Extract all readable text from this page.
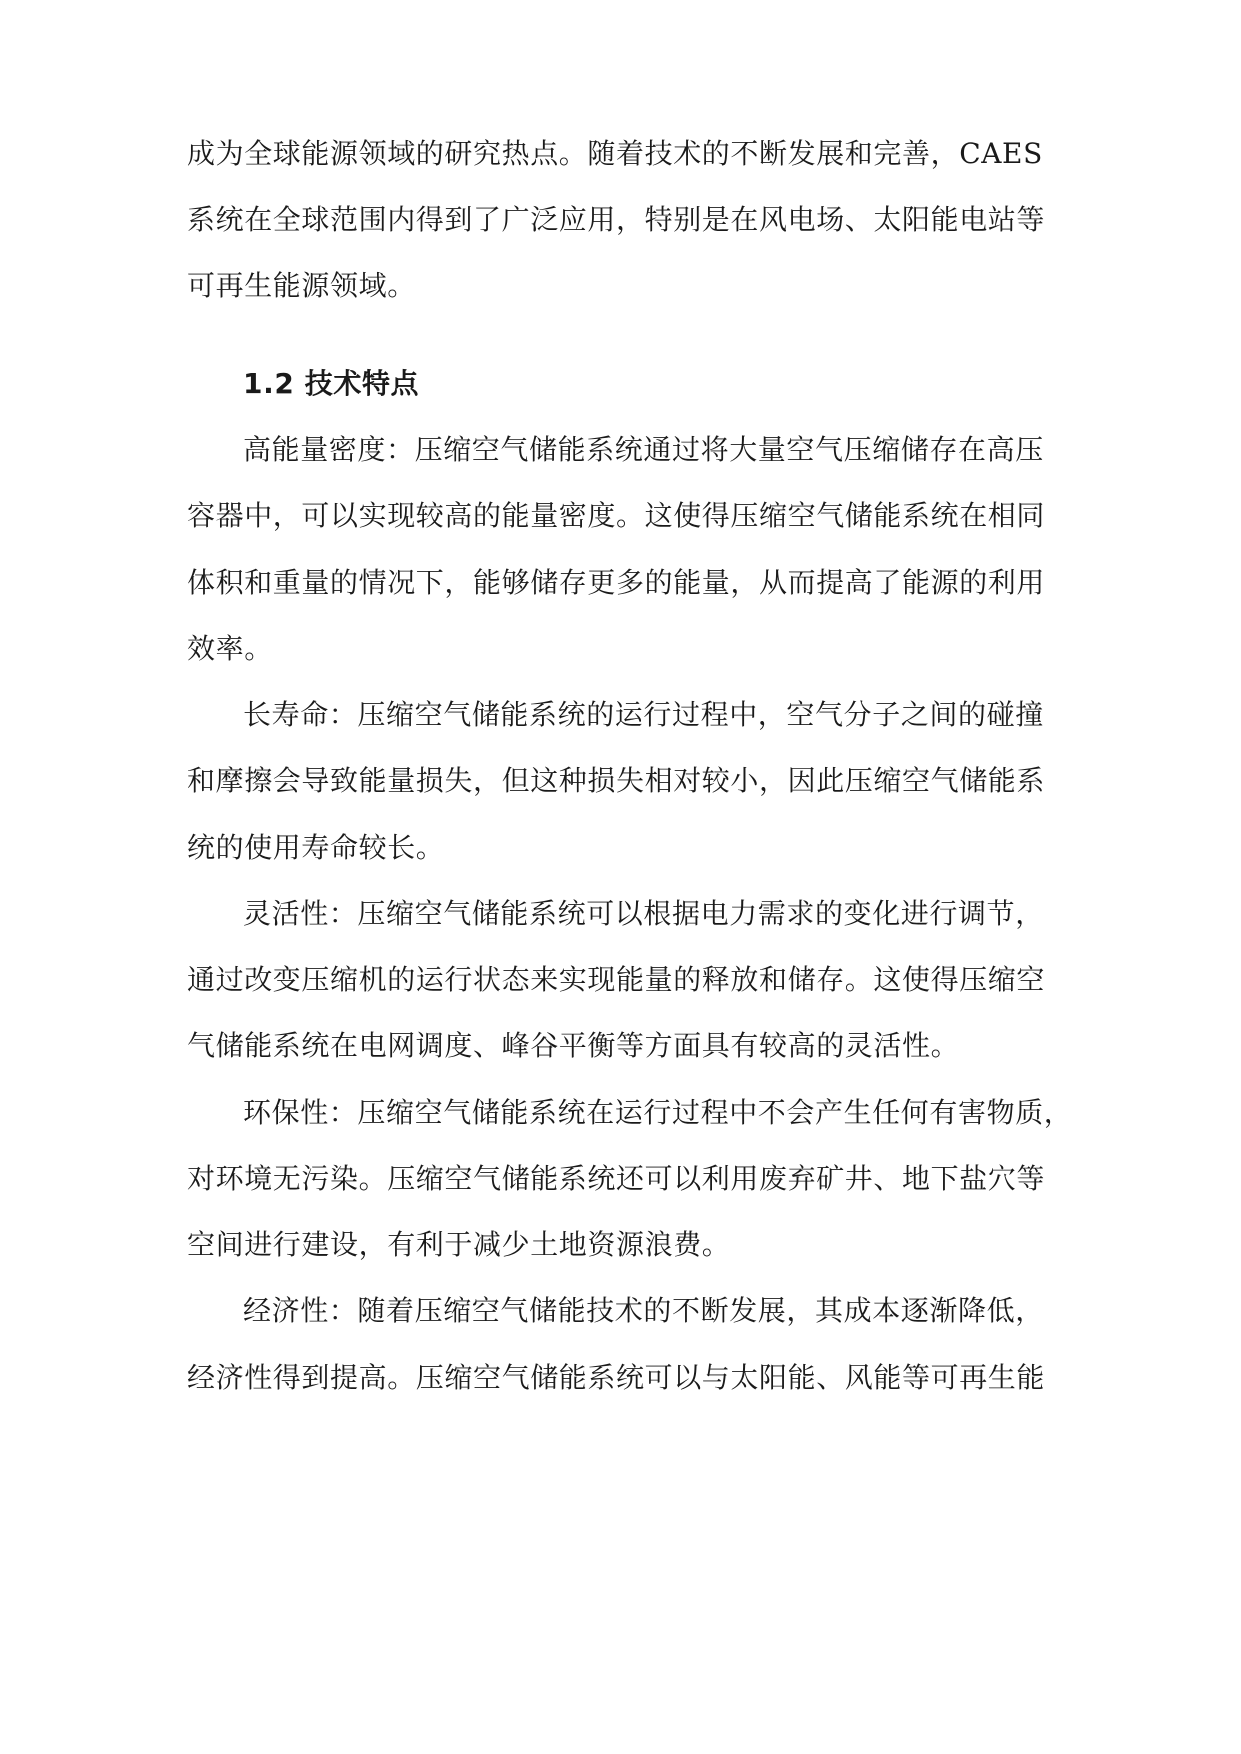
成为全球能源领域的研究热点。随着技术的不断发展和完善，CAES
系统在全球范围内得到了广泛应用，特别是在风电场、太阳能电站等
可再生能源领域。
1.2 技术特点
高能量密度：压缩空气储能系统通过将大量空气压缩储存在高压
容器中，可以实现较高的能量密度。这使得压缩空气储能系统在相同
体积和重量的情况下，能够储存更多的能量，从而提高了能源的利用
效率。
长寿命：压缩空气储能系统的运行过程中，空气分子之间的碰撞
和摩擦会导致能量损失，但这种损失相对较小，因此压缩空气储能系
统的使用寿命较长。
灵活性：压缩空气储能系统可以根据电力需求的变化进行调节，
通过改变压缩机的运行状态来实现能量的释放和储存。这使得压缩空
气储能系统在电网调度、峰谷平衡等方面具有较高的灵活性。
环保性：压缩空气储能系统在运行过程中不会产生任何有害物质，
对环境无污染。压缩空气储能系统还可以利用废弃矿井、地下盐穴等
空间进行建设，有利于减少土地资源浪费。
经济性：随着压缩空气储能技术的不断发展，其成本逐渐降低，
经济性得到提高。压缩空气储能系统可以与太阳能、风能等可再生能
